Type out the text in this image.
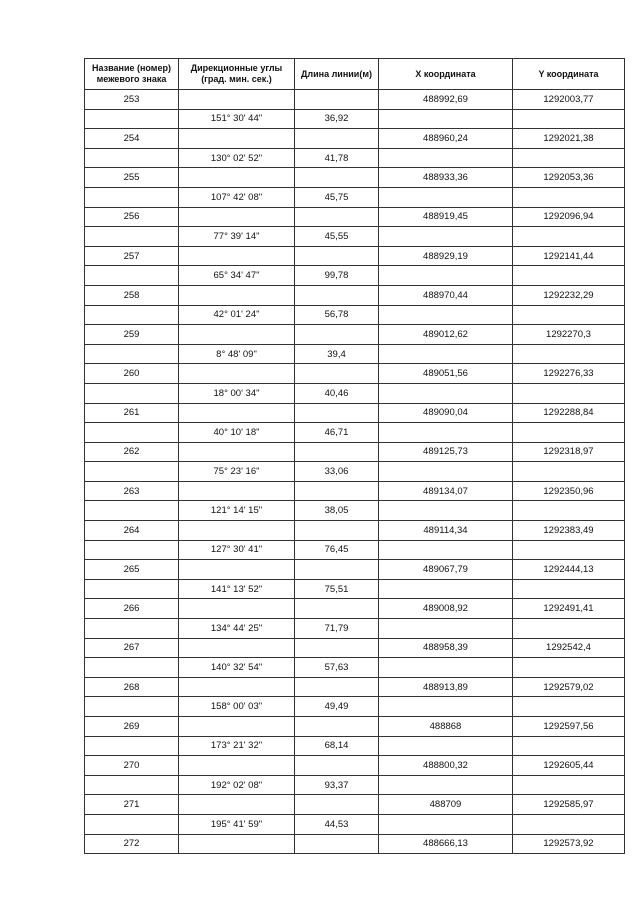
Название (номер) межевого знака	Дирекционные углы (град. мин. сек.)	Длина линии(м)	X координата	Y координата
253			488992,69	1292003,77
	151° 30' 44"	36,92		
254			488960,24	1292021,38
	130° 02' 52"	41,78		
255			488933,36	1292053,36
	107° 42' 08"	45,75		
256			488919,45	1292096,94
	77° 39' 14"	45,55		
257			488929,19	1292141,44
	65° 34' 47"	99,78		
258			488970,44	1292232,29
	42° 01' 24"	56,78		
259			489012,62	1292270,3
	8° 48' 09"	39,4		
260			489051,56	1292276,33
	18° 00' 34"	40,46		
261			489090,04	1292288,84
	40° 10' 18"	46,71		
262			489125,73	1292318,97
	75° 23' 16"	33,06		
263			489134,07	1292350,96
	121° 14' 15"	38,05		
264			489114,34	1292383,49
	127° 30' 41"	76,45		
265			489067,79	1292444,13
	141° 13' 52"	75,51		
266			489008,92	1292491,41
	134° 44' 25"	71,79		
267			488958,39	1292542,4
	140° 32' 54"	57,63		
268			488913,89	1292579,02
	158° 00' 03"	49,49		
269			488868	1292597,56
	173° 21' 32"	68,14		
270			488800,32	1292605,44
	192° 02' 08"	93,37		
271			488709	1292585,97
	195° 41' 59"	44,53		
272			488666,13	1292573,92
